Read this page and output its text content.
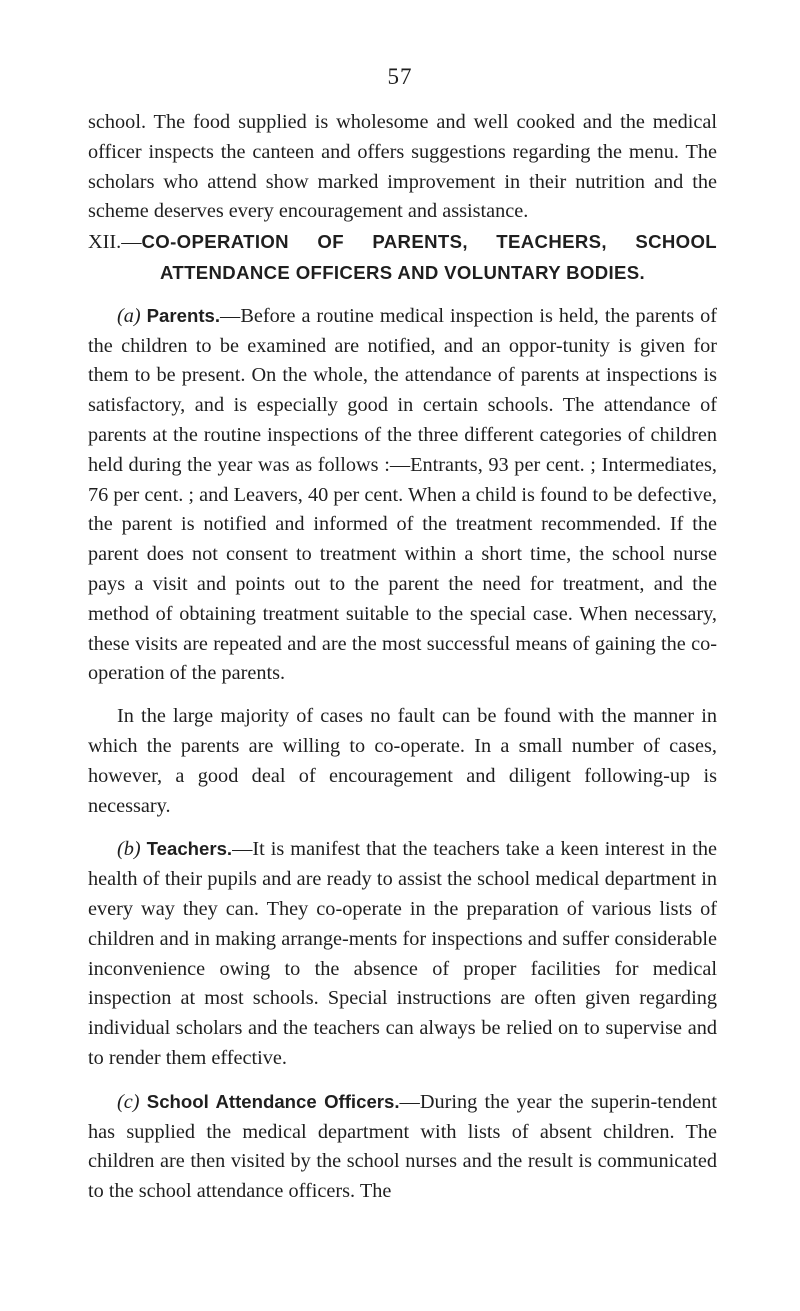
57

school. The food supplied is wholesome and well cooked and the medical officer inspects the canteen and offers suggestions regarding the menu. The scholars who attend show marked improvement in their nutrition and the scheme deserves every encouragement and assistance.

XII.—CO-OPERATION OF PARENTS, TEACHERS, SCHOOL
ATTENDANCE OFFICERS AND VOLUNTARY BODIES.

(a) Parents.—Before a routine medical inspection is held, the parents of the children to be examined are notified, and an oppor-tunity is given for them to be present. On the whole, the attendance of parents at inspections is satisfactory, and is especially good in certain schools. The attendance of parents at the routine inspections of the three different categories of children held during the year was as follows :—Entrants, 93 per cent. ; Intermediates, 76 per cent. ; and Leavers, 40 per cent. When a child is found to be defective, the parent is notified and informed of the treatment recommended. If the parent does not consent to treatment within a short time, the school nurse pays a visit and points out to the parent the need for treatment, and the method of obtaining treatment suitable to the special case. When necessary, these visits are repeated and are the most successful means of gaining the co-operation of the parents.

In the large majority of cases no fault can be found with the manner in which the parents are willing to co-operate. In a small number of cases, however, a good deal of encouragement and diligent following-up is necessary.

(b) Teachers.—It is manifest that the teachers take a keen interest in the health of their pupils and are ready to assist the school medical department in every way they can. They co-operate in the preparation of various lists of children and in making arrange-ments for inspections and suffer considerable inconvenience owing to the absence of proper facilities for medical inspection at most schools. Special instructions are often given regarding individual scholars and the teachers can always be relied on to supervise and to render them effective.

(c) School Attendance Officers.—During the year the superin-tendent has supplied the medical department with lists of absent children. The children are then visited by the school nurses and the result is communicated to the school attendance officers. The
